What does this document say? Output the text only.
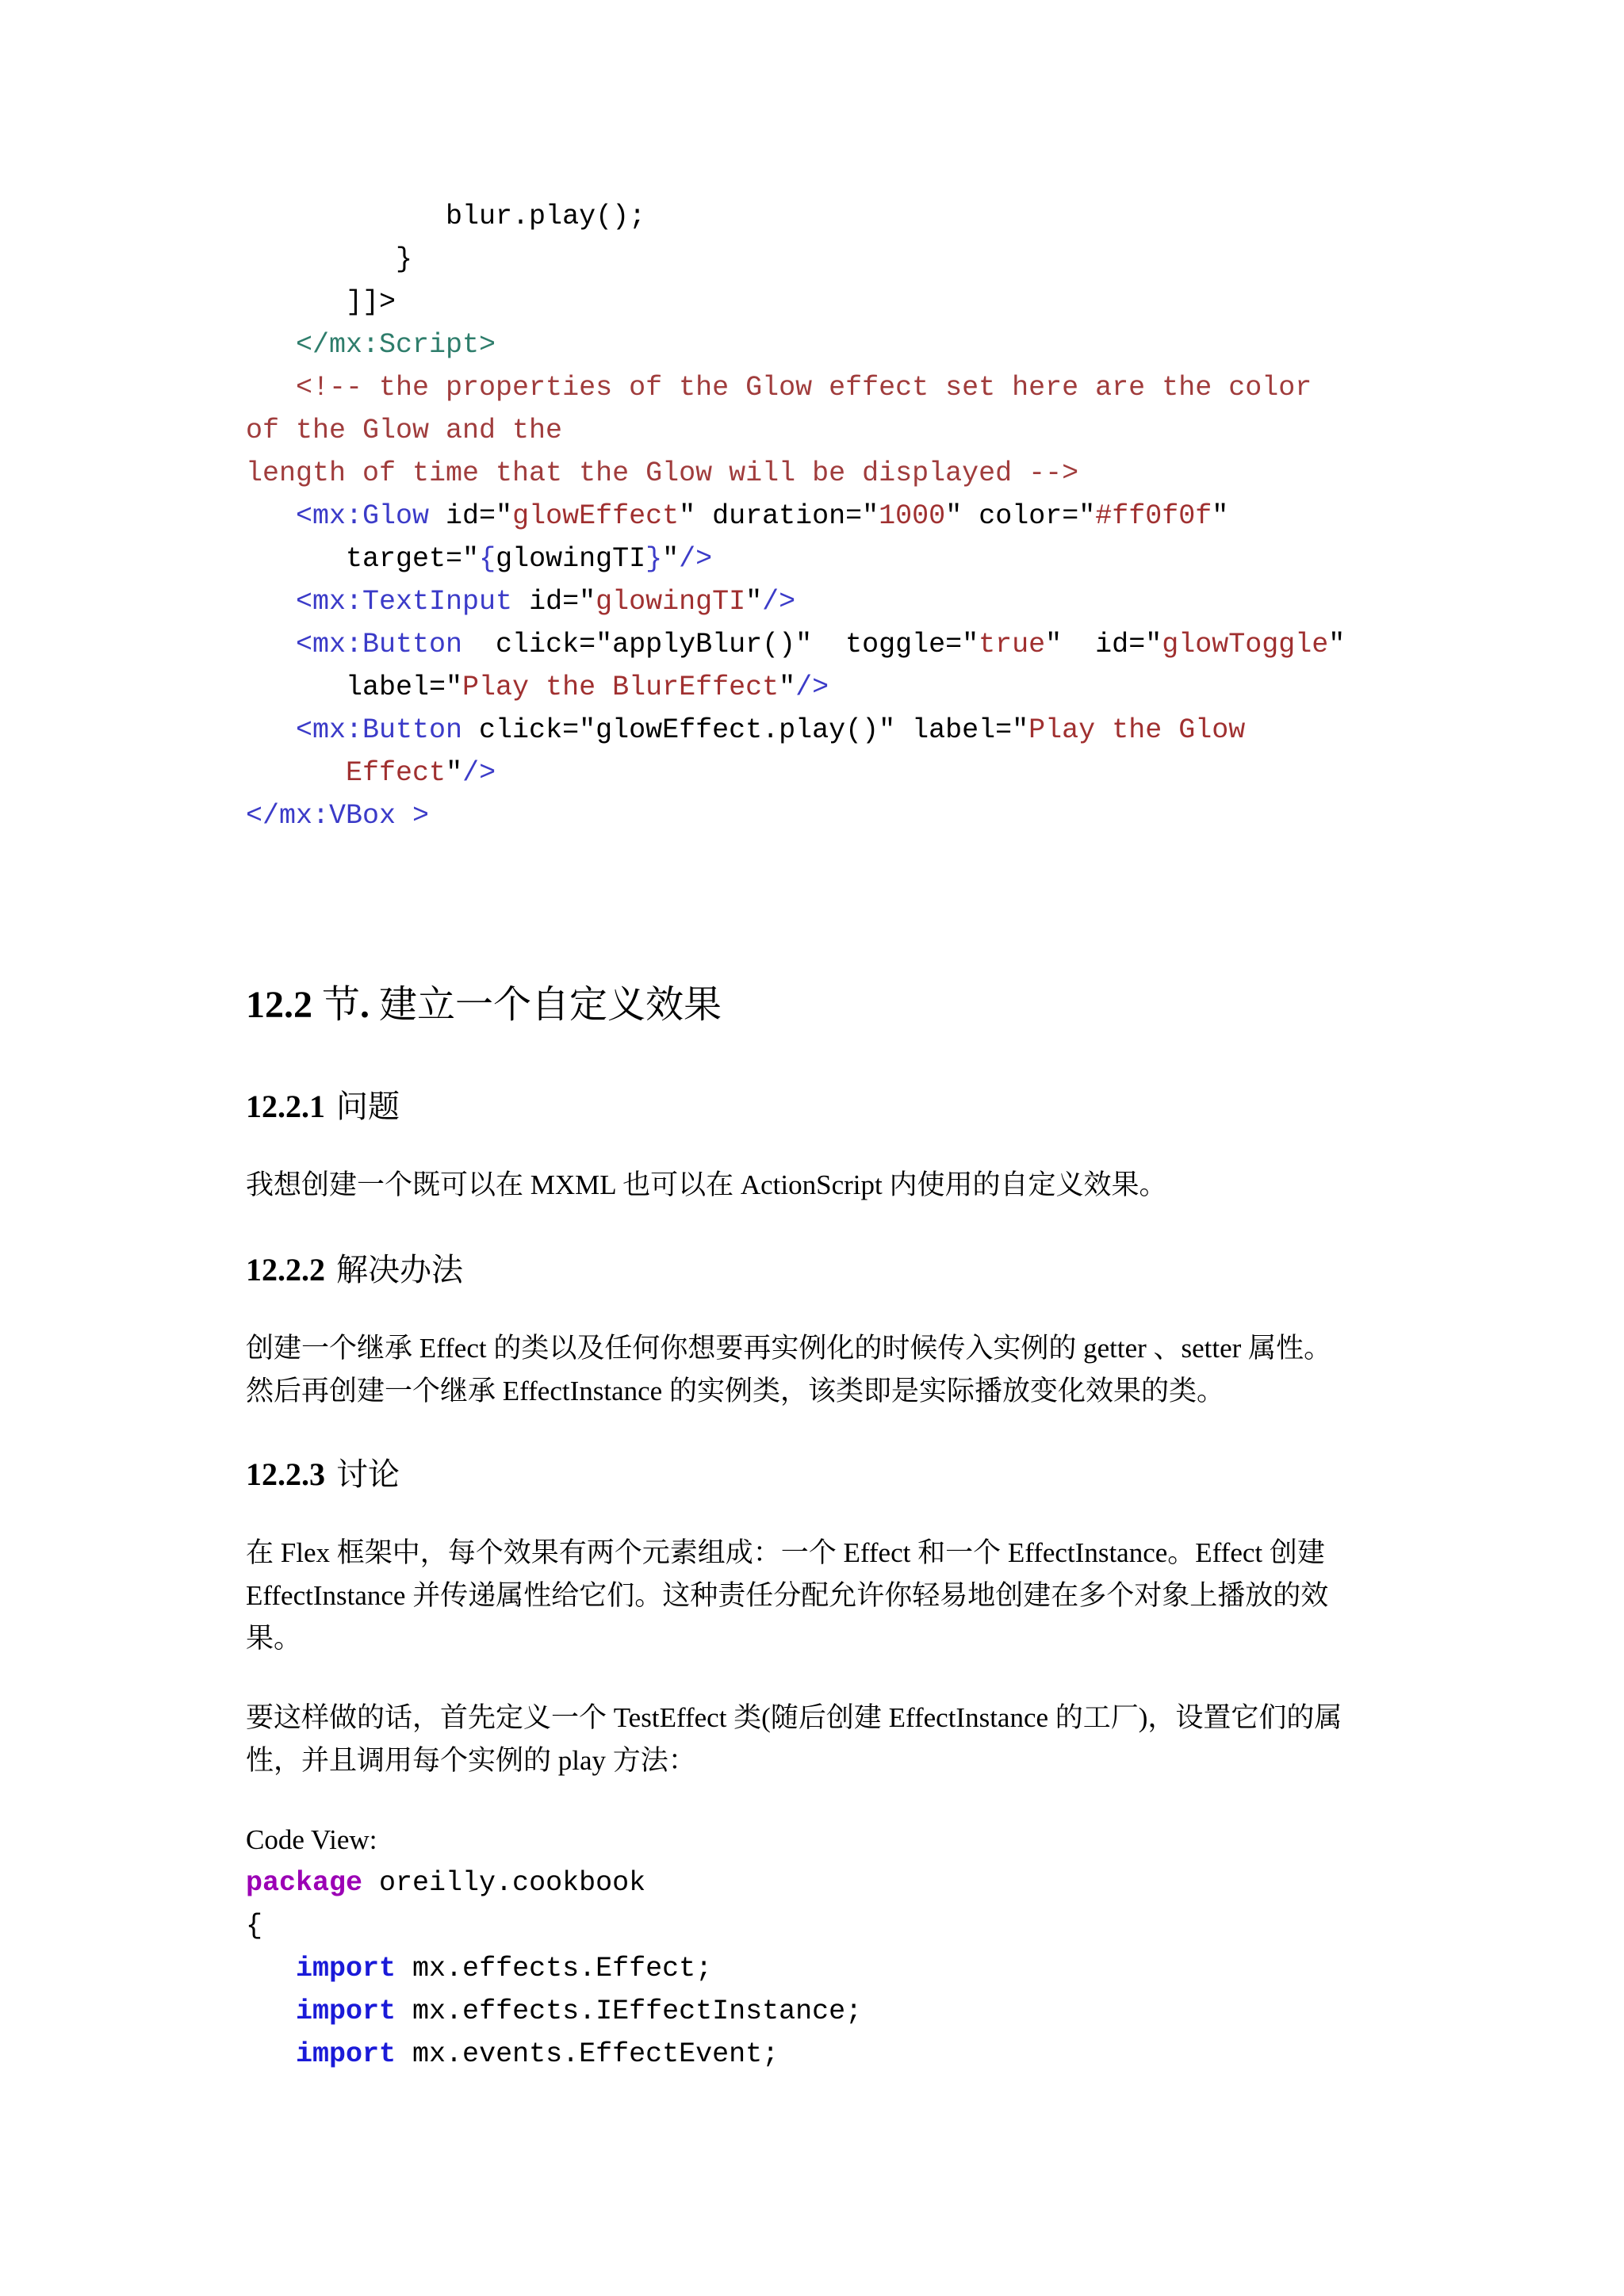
blur.play();
}
]]>
</mx:Script>
<!-- the properties of the Glow effect set here are the color
of the Glow and the
length of time that the Glow will be displayed -->
<mx:Glow id="glowEffect" duration="1000" color="#ff0f0f"
target="{glowingTI}"/>
<mx:TextInput id="glowingTI"/>
<mx:Button  click="applyBlur()"  toggle="true"  id="glowToggle"
label="Play the BlurEffect"/>
<mx:Button click="glowEffect.play()" label="Play the Glow
Effect"/>
</mx:VBox >
12.2 节. 建立一个自定义效果
12.2.1 问题
我想创建一个既可以在 MXML 也可以在 ActionScript 内使用的自定义效果。
12.2.2 解决办法
创建一个继承 Effect 的类以及任何你想要再实例化的时候传入实例的 getter 、setter 属性。
然后再创建一个继承 EffectInstance 的实例类，该类即是实际播放变化效果的类。
12.2.3 讨论
在 Flex 框架中，每个效果有两个元素组成：一个 Effect 和一个 EffectInstance。Effect 创建
EffectInstance 并传递属性给它们。这种责任分配允许你轻易地创建在多个对象上播放的效
果。
要这样做的话，首先定义一个 TestEffect 类(随后创建 EffectInstance 的工厂)，设置它们的属
性，并且调用每个实例的 play 方法：
Code View:
package oreilly.cookbook
{
import mx.effects.Effect;
import mx.effects.IEffectInstance;
import mx.events.EffectEvent;
